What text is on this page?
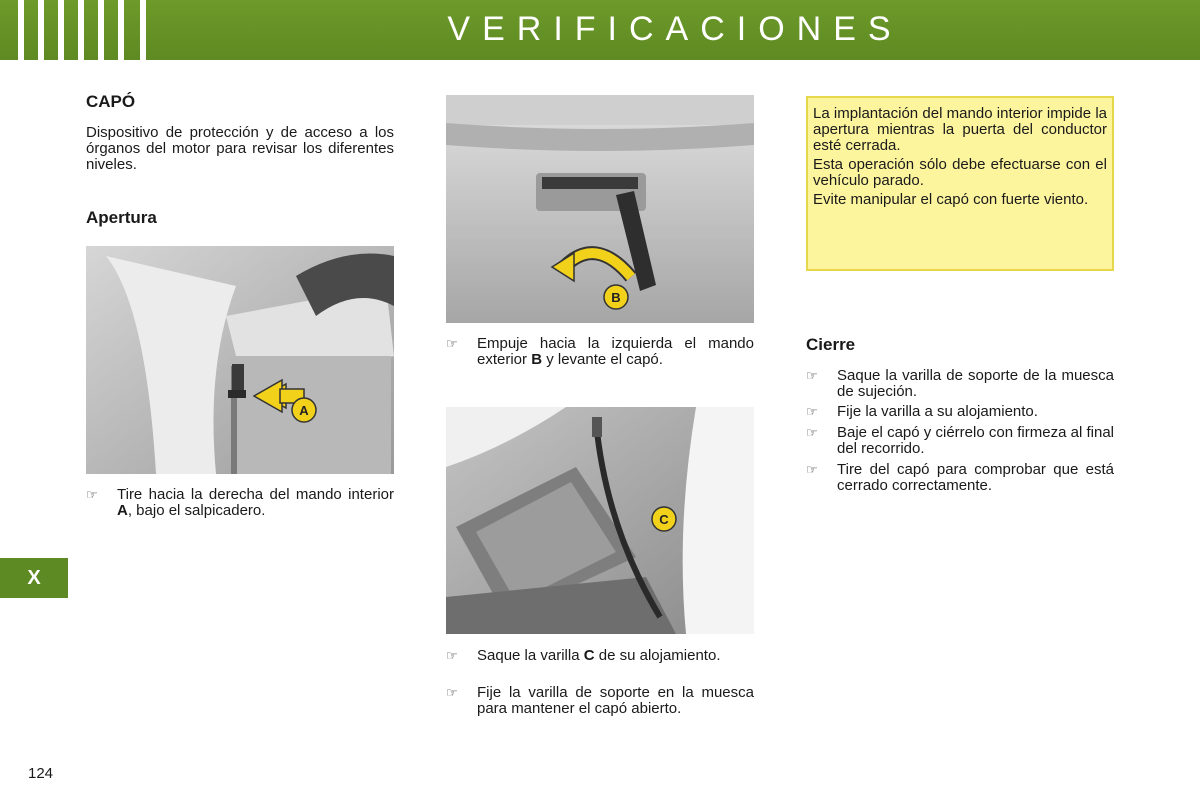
VERIFICACIONES
X
124
CAPÓ

Dispositivo de protección y de acceso a los órganos del motor para revisar los diferentes niveles.

Apertura
A
☞ Tire hacia la derecha del mando interior A, bajo el salpicadero.
B
☞ Empuje hacia la izquierda el mando exterior B y levante el capó.
C
☞ Saque la varilla C de su alojamiento.
☞ Fije la varilla de soporte en la muesca para mantener el capó abierto.

La implantación del mando interior impide la apertura mientras la puerta del conductor esté cerrada.

Esta operación sólo debe efectuarse con el vehículo parado.

Evite manipular el capó con fuerte viento.

Cierre
☞ Saque la varilla de soporte de la muesca de sujeción.
☞ Fije la varilla a su alojamiento.
☞ Baje el capó y ciérrelo con firmeza al final del recorrido.
☞ Tire del capó para comprobar que está cerrado correctamente.
